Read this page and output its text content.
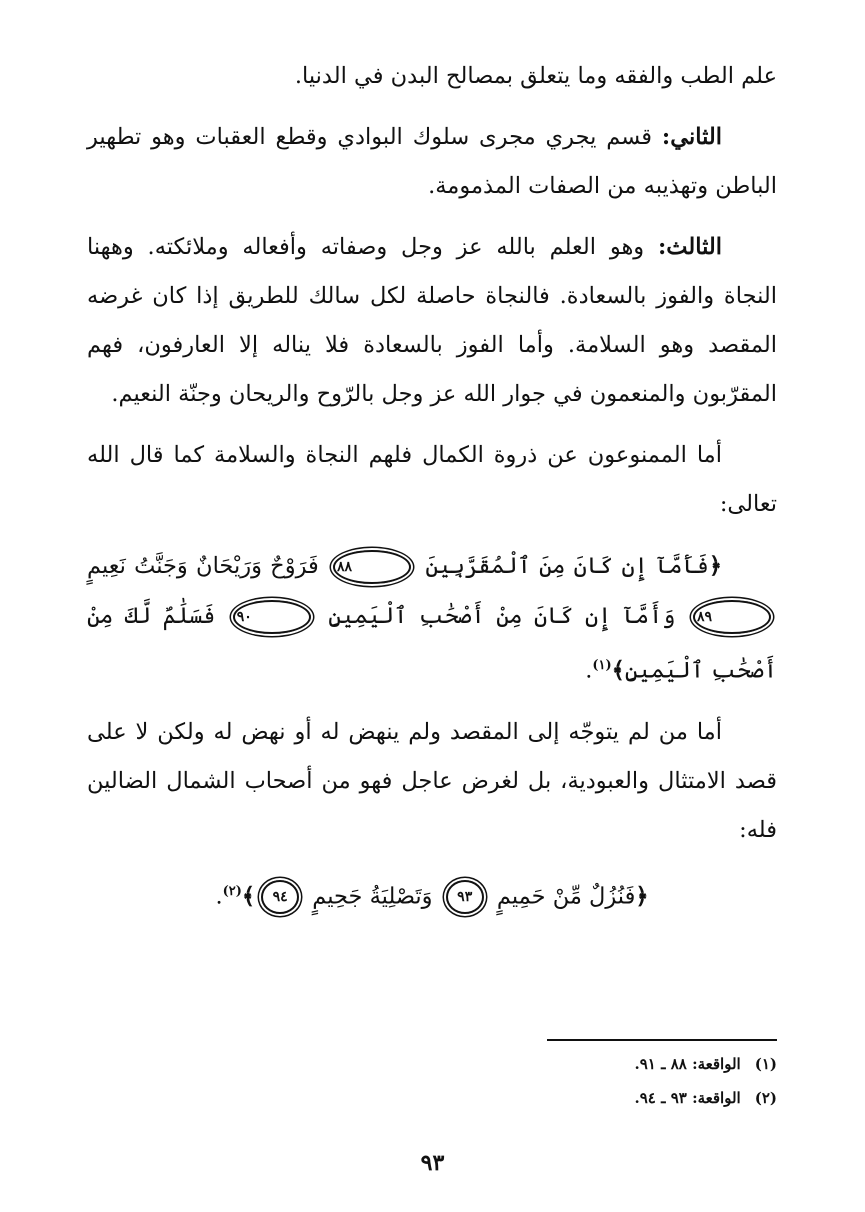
علم الطب والفقه وما يتعلق بمصالح البدن في الدنيا.

الثاني: قسم يجري مجرى سلوك البوادي وقطع العقبات وهو تطهير الباطن وتهذيبه من الصفات المذمومة.

الثالث: وهو العلم بالله عز وجل وصفاته وأفعاله وملائكته. وههنا النجاة والفوز بالسعادة. فالنجاة حاصلة لكل سالك للطريق إذا كان غرضه المقصد وهو السلامة. وأما الفوز بالسعادة فلا يناله إلا العارفون، فهم المقرّبون والمنعمون في جوار الله عز وجل بالرّوح والريحان وجنّة النعيم.

أما الممنوعون عن ذروة الكمال فلهم النجاة والسلامة كما قال الله تعالى:

﴿فَأَمَّآ إِن كَانَ مِنَ ٱلْمُقَرَّبِينَ ٨٨ فَرَوْحٌ وَرَيْحَانٌ وَجَنَّتُ نَعِيمٍ ٨٩ وَأَمَّآ إِن كَانَ مِنْ أَصْحَٰبِ ٱلْيَمِينِ ٩٠ فَسَلَٰمٌ لَّكَ مِنْ أَصْحَٰبِ ٱلْيَمِينِ﴾$^{(١)}$.

أما من لم يتوجّه إلى المقصد ولم ينهض له أو نهض له ولكن لا على قصد الامتثال والعبودية، بل لغرض عاجل فهو من أصحاب الشمال الضالين فله:

﴿فَنُزُلٌ مِّنْ حَمِيمٍ ٩٣ وَتَصْلِيَةُ جَحِيمٍ ٩٤﴾$^{(٢)}$.

(١)
الواقعة: ٨٨ ـ ٩١.
(٢)
الواقعة: ٩٣ ـ ٩٤.
٩٣
